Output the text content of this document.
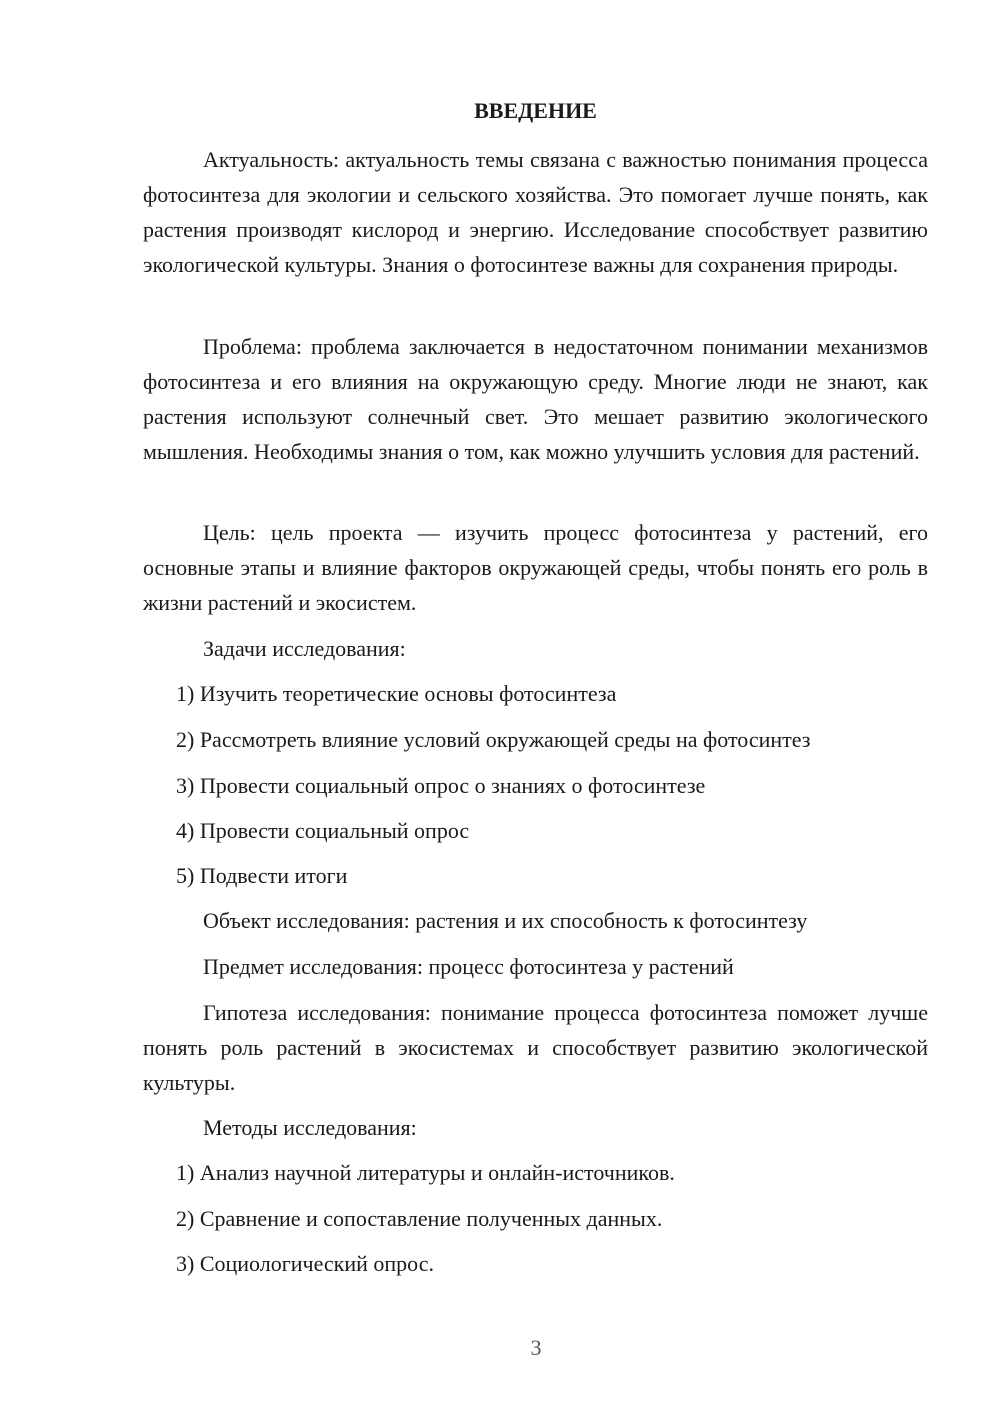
ВВЕДЕНИЕ

Актуальность: актуальность темы связана с важностью понимания процесса фотосинтеза для экологии и сельского хозяйства. Это помогает лучше понять, как растения производят кислород и энергию. Исследование способствует развитию экологической культуры. Знания о фотосинтезе важны для сохранения природы.

Проблема: проблема заключается в недостаточном понимании механизмов фотосинтеза и его влияния на окружающую среду. Многие люди не знают, как растения используют солнечный свет. Это мешает развитию экологического мышления. Необходимы знания о том, как можно улучшить условия для растений.

Цель: цель проекта — изучить процесс фотосинтеза у растений, его основные этапы и влияние факторов окружающей среды, чтобы понять его роль в жизни растений и экосистем.

Задачи исследования:

1) Изучить теоретические основы фотосинтеза

2) Рассмотреть влияние условий окружающей среды на фотосинтез

3) Провести социальный опрос о знаниях о фотосинтезе

4) Провести социальный опрос

5) Подвести итоги

Объект исследования: растения и их способность к фотосинтезу

Предмет исследования: процесс фотосинтеза у растений

Гипотеза исследования: понимание процесса фотосинтеза поможет лучше понять роль растений в экосистемах и способствует развитию экологической культуры.

Методы исследования:

1) Анализ научной литературы и онлайн-источников.

2) Сравнение и сопоставление полученных данных.

3) Социологический опрос.

3
